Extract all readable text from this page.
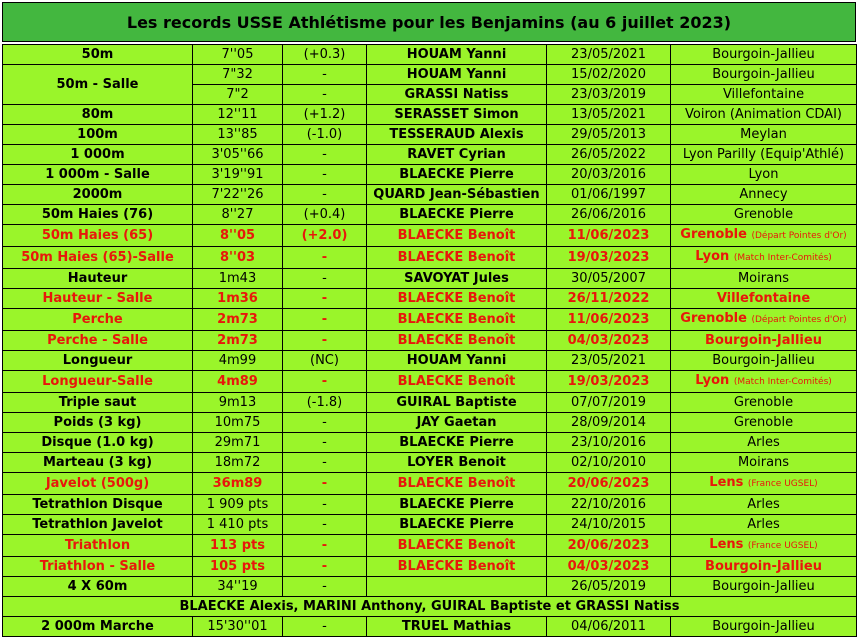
Les records USSE Athlétisme pour les Benjamins (au 6 juillet 2023)
50m	7''05	(+0.3)	HOUAM Yanni	23/05/2021	Bourgoin-Jallieu
50m - Salle	7"32	-	HOUAM Yanni	15/02/2020	Bourgoin-Jallieu
	7"2	-	GRASSI Natiss	23/03/2019	Villefontaine
80m	12''11	(+1.2)	SERASSET Simon	13/05/2021	Voiron (Animation CDAI)
100m	13''85	(-1.0)	TESSERAUD Alexis	29/05/2013	Meylan
1 000m	3'05''66	-	RAVET Cyrian	26/05/2022	Lyon Parilly (Equip'Athlé)
1 000m - Salle	3'19''91	-	BLAECKE Pierre	20/03/2016	Lyon
2000m	7'22''26	-	QUARD Jean-Sébastien	01/06/1997	Annecy
50m Haies (76)	8''27	(+0.4)	BLAECKE Pierre	26/06/2016	Grenoble
50m Haies (65)	8''05	(+2.0)	BLAECKE Benoît	11/06/2023	Grenoble (Départ Pointes d'Or)
50m Haies (65)-Salle	8''03	-	BLAECKE Benoît	19/03/2023	Lyon (Match Inter-Comités)
Hauteur	1m43	-	SAVOYAT Jules	30/05/2007	Moirans
Hauteur - Salle	1m36	-	BLAECKE Benoît	26/11/2022	Villefontaine
Perche	2m73	-	BLAECKE Benoît	11/06/2023	Grenoble (Départ Pointes d'Or)
Perche - Salle	2m73	-	BLAECKE Benoît	04/03/2023	Bourgoin-Jallieu
Longueur	4m99	(NC)	HOUAM Yanni	23/05/2021	Bourgoin-Jallieu
Longueur-Salle	4m89	-	BLAECKE Benoît	19/03/2023	Lyon (Match Inter-Comités)
Triple saut	9m13	(-1.8)	GUIRAL Baptiste	07/07/2019	Grenoble
Poids (3 kg)	10m75	-	JAY Gaetan	28/09/2014	Grenoble
Disque (1.0 kg)	29m71	-	BLAECKE Pierre	23/10/2016	Arles
Marteau (3 kg)	18m72	-	LOYER Benoit	02/10/2010	Moirans
Javelot (500g)	36m89	-	BLAECKE Benoît	20/06/2023	Lens (France UGSEL)
Tetrathlon Disque	1 909 pts	-	BLAECKE Pierre	22/10/2016	Arles
Tetrathlon Javelot	1 410 pts	-	BLAECKE Pierre	24/10/2015	Arles
Triathlon	113 pts	-	BLAECKE Benoît	20/06/2023	Lens (France UGSEL)
Triathlon - Salle	105 pts	-	BLAECKE Benoît	04/03/2023	Bourgoin-Jallieu
4 X 60m	34''19	-		26/05/2019	Bourgoin-Jallieu
BLAECKE Alexis, MARINI Anthony, GUIRAL Baptiste et GRASSI Natiss					
2 000m Marche	15'30''01	-	TRUEL Mathias	04/06/2011	Bourgoin-Jallieu
